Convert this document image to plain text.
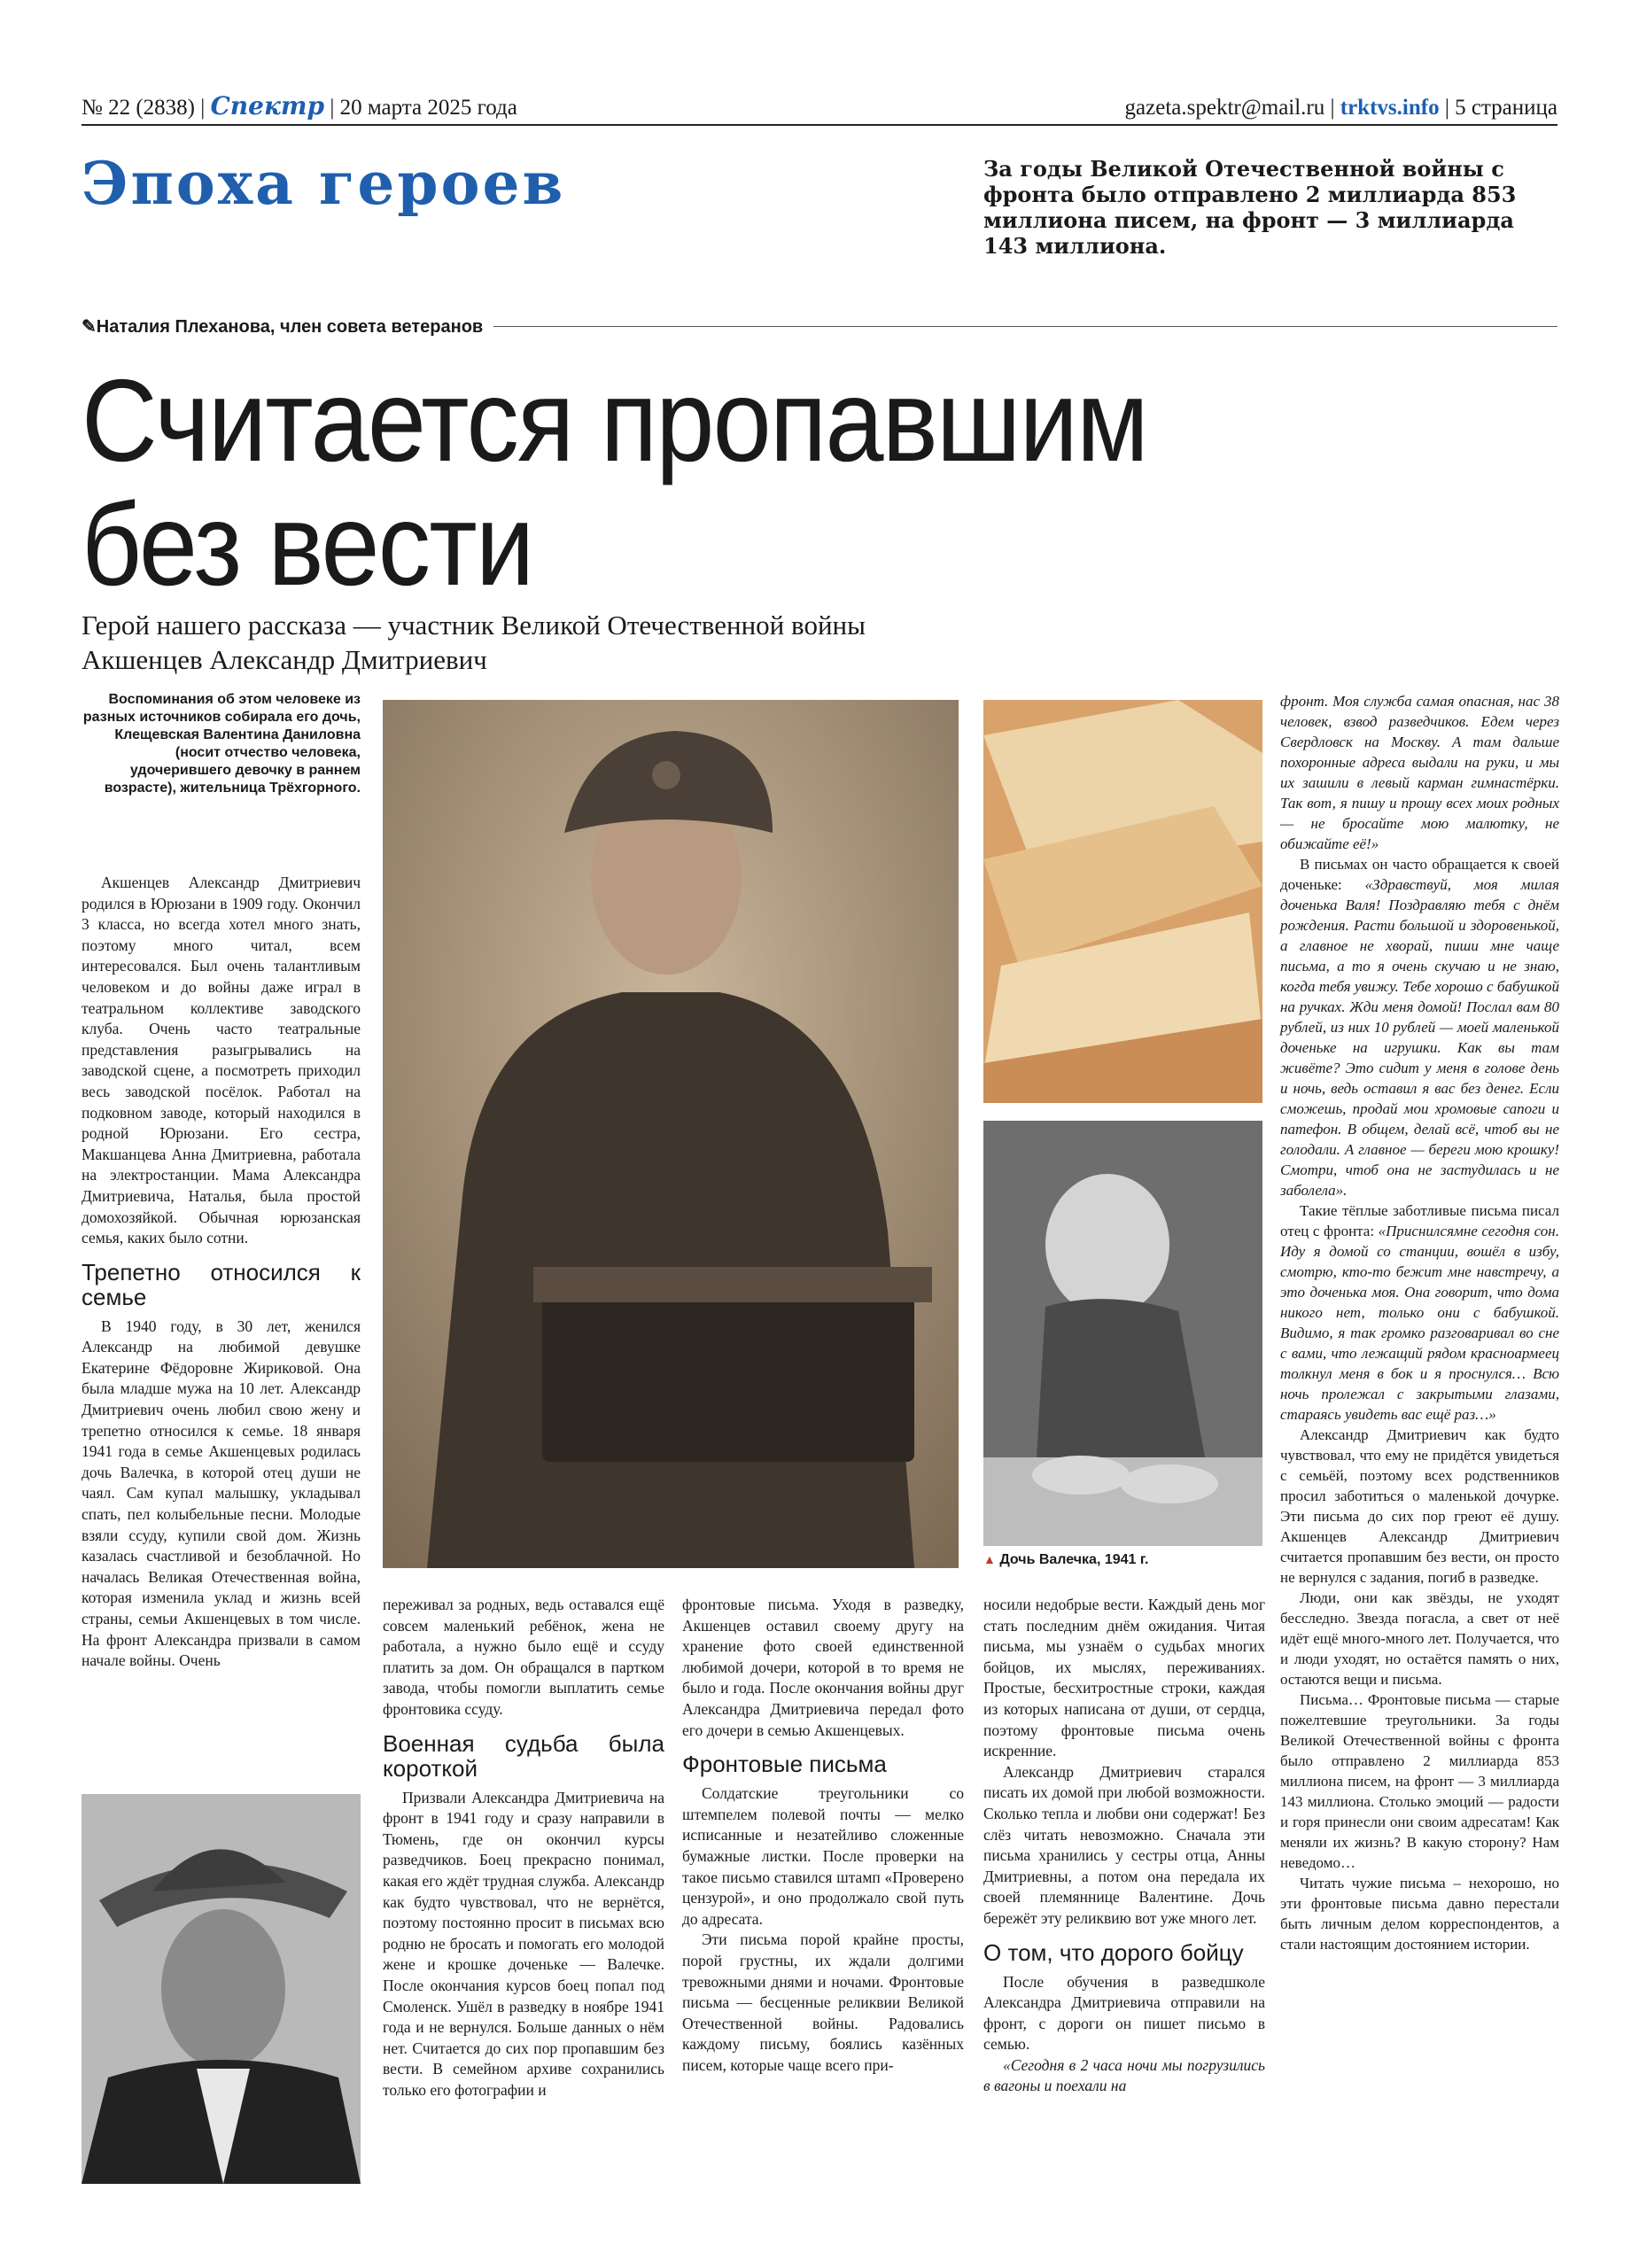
№ 22 (2838) | Спектр | 20 марта 2025 года	gazeta.spektr@mail.ru | trktvs.info | 5 страница
Эпоха героев	За годы Великой Отечественной войны с фронта было отправлено 2 миллиарда 853 миллиона писем, на фронт — 3 миллиарда 143 миллиона.
✎Наталия Плеханова, член совета ветеранов
Считается пропавшим
без вести
Герой нашего рассказа — участник Великой Отечественной войны
Акшенцев Александр Дмитриевич
Воспоминания об этом человеке из разных источников собирала его дочь, Клещевская Валентина Даниловна (носит отчество человека, удочерившего девочку в раннем возрасте), жительница Трёхгорного.

Акшенцев Александр Дмитриевич родился в Юрюзани в 1909 году. Окончил 3 класса, но всегда хотел много знать, поэтому много читал, всем интересовался. Был очень талантливым человеком и до войны даже играл в театральном коллективе заводского клуба. Очень часто театральные представления разыгрывались на заводской сцене, а посмотреть приходил весь заводской посёлок. Работал на подковном заводе, который находился в родной Юрюзани. Его сестра, Макшанцева Анна Дмитриевна, работала на электростанции. Мама Александра Дмитриевича, Наталья, была простой домохозяйкой. Обычная юрюзанская семья, каких было сотни.

Трепетно относился к семье

В 1940 году, в 30 лет, женился Александр на любимой девушке Екатерине Фёдоровне Жириковой. Она была младше мужа на 10 лет. Александр Дмитриевич очень любил свою жену и трепетно относился к семье. 18 января 1941 года в семье Акшенцевых родилась дочь Валечка, в которой отец души не чаял. Сам купал малышку, укладывал спать, пел колыбельные песни. Молодые взяли ссуду, купили свой дом. Жизнь казалась счастливой и безоблачной. Но началась Великая Отечественная война, которая изменила уклад и жизнь всей страны, семьи Акшенцевых в том числе. На фронт Александра призвали в самом начале войны. Очень

▲ Дочь Валечка, 1941 г.

переживал за родных, ведь оставался ещё совсем маленький ребёнок, жена не работала, а нужно было ещё и ссуду платить за дом. Он обращался в партком завода, чтобы помогли выплатить семье фронтовика ссуду.

Военная судьба была короткой

Призвали Александра Дмитриевича на фронт в 1941 году и сразу направили в Тюмень, где он окончил курсы разведчиков. Боец прекрасно понимал, какая его ждёт трудная служба. Александр как будто чувствовал, что не вернётся, поэтому постоянно просит в письмах всю родню не бросать и помогать его молодой жене и крошке доченьке — Валечке. После окончания курсов боец попал под Смоленск. Ушёл в разведку в ноябре 1941 года и не вернулся. Больше данных о нём нет. Считается до сих пор пропавшим без вести. В семейном архиве сохранились только его фотографии и

фронтовые письма. Уходя в разведку, Акшенцев оставил своему другу на хранение фото своей единственной любимой дочери, которой в то время не было и года. После окончания войны друг Александра Дмитриевича передал фото его дочери в семью Акшенцевых.

Фронтовые письма

Солдатские треугольники со штемпелем полевой почты — мелко исписанные и незатейливо сложенные бумажные листки. После проверки на такое письмо ставился штамп «Проверено цензурой», и оно продолжало свой путь до адресата.

Эти письма порой крайне просты, порой грустны, их ждали долгими тревожными днями и ночами. Фронтовые письма — бесценные реликвии Великой Отечественной войны. Радовались каждому письму, боялись казённых писем, которые чаще всего при-

носили недобрые вести. Каждый день мог стать последним днём ожидания. Читая письма, мы узнаём о судьбах многих бойцов, их мыслях, переживаниях. Простые, бесхитростные строки, каждая из которых написана от души, от сердца, поэтому фронтовые письма очень искренние.

Александр Дмитриевич старался писать их домой при любой возможности. Сколько тепла и любви они содержат! Без слёз читать невозможно. Сначала эти письма хранились у сестры отца, Анны Дмитриевны, а потом она передала их своей племяннице Валентине. Дочь бережёт эту реликвию вот уже много лет.

О том, что дорого бойцу

После обучения в разведшколе Александра Дмитриевича отправили на фронт, с дороги он пишет письмо в семью.

«Сегодня в 2 часа ночи мы погрузились в вагоны и поехали на

фронт. Моя служба самая опасная, нас 38 человек, взвод разведчиков. Едем через Свердловск на Москву. А там дальше похоронные адреса выдали на руки, и мы их зашили в левый карман гимнастёрки. Так вот, я пишу и прошу всех моих родных — не бросайте мою малютку, не обижайте её!»

В письмах он часто обращается к своей доченьке: «Здравствуй, моя милая доченька Валя! Поздравляю тебя с днём рождения. Расти большой и здоровенькой, а главное не хворай, пиши мне чаще письма, а то я очень скучаю и не знаю, когда тебя увижу. Тебе хорошо с бабушкой на ручках. Жди меня домой! Послал вам 80 рублей, из них 10 рублей — моей маленькой доченьке на игрушки. Как вы там живёте? Это сидит у меня в голове день и ночь, ведь оставил я вас без денег. Если сможешь, продай мои хромовые сапоги и патефон. В общем, делай всё, чтоб вы не голодали. А главное — береги мою крошку! Смотри, чтоб она не застудилась и не заболела».

Такие тёплые заботливые письма писал отец с фронта: «Приснилсямне сегодня сон. Иду я домой со станции, вошёл в избу, смотрю, кто-то бежит мне навстречу, а это доченька моя. Она говорит, что дома никого нет, только они с бабушкой. Видимо, я так громко разговаривал во сне с вами, что лежащий рядом красноармеец толкнул меня в бок и я проснулся… Всю ночь пролежал с закрытыми глазами, стараясь увидеть вас ещё раз…»

Александр Дмитриевич как будто чувствовал, что ему не придётся увидеться с семьёй, поэтому всех родственников просил заботиться о маленькой дочурке. Эти письма до сих пор греют её душу. Акшенцев Александр Дмитриевич считается пропавшим без вести, он просто не вернулся с задания, погиб в разведке.

Люди, они как звёзды, не уходят бесследно. Звезда погасла, а свет от неё идёт ещё много-много лет. Получается, что и люди уходят, но остаётся память о них, остаются вещи и письма.

Письма… Фронтовые письма — старые пожелтевшие треугольники. За годы Великой Отечественной войны с фронта было отправлено 2 миллиарда 853 миллиона писем, на фронт — 3 миллиарда 143 миллиона. Столько эмоций — радости и горя принесли они своим адресатам! Как меняли их жизнь? В какую сторону? Нам неведомо…

Читать чужие письма – нехорошо, но эти фронтовые письма давно перестали быть личным делом корреспондентов, а стали настоящим достоянием истории.
